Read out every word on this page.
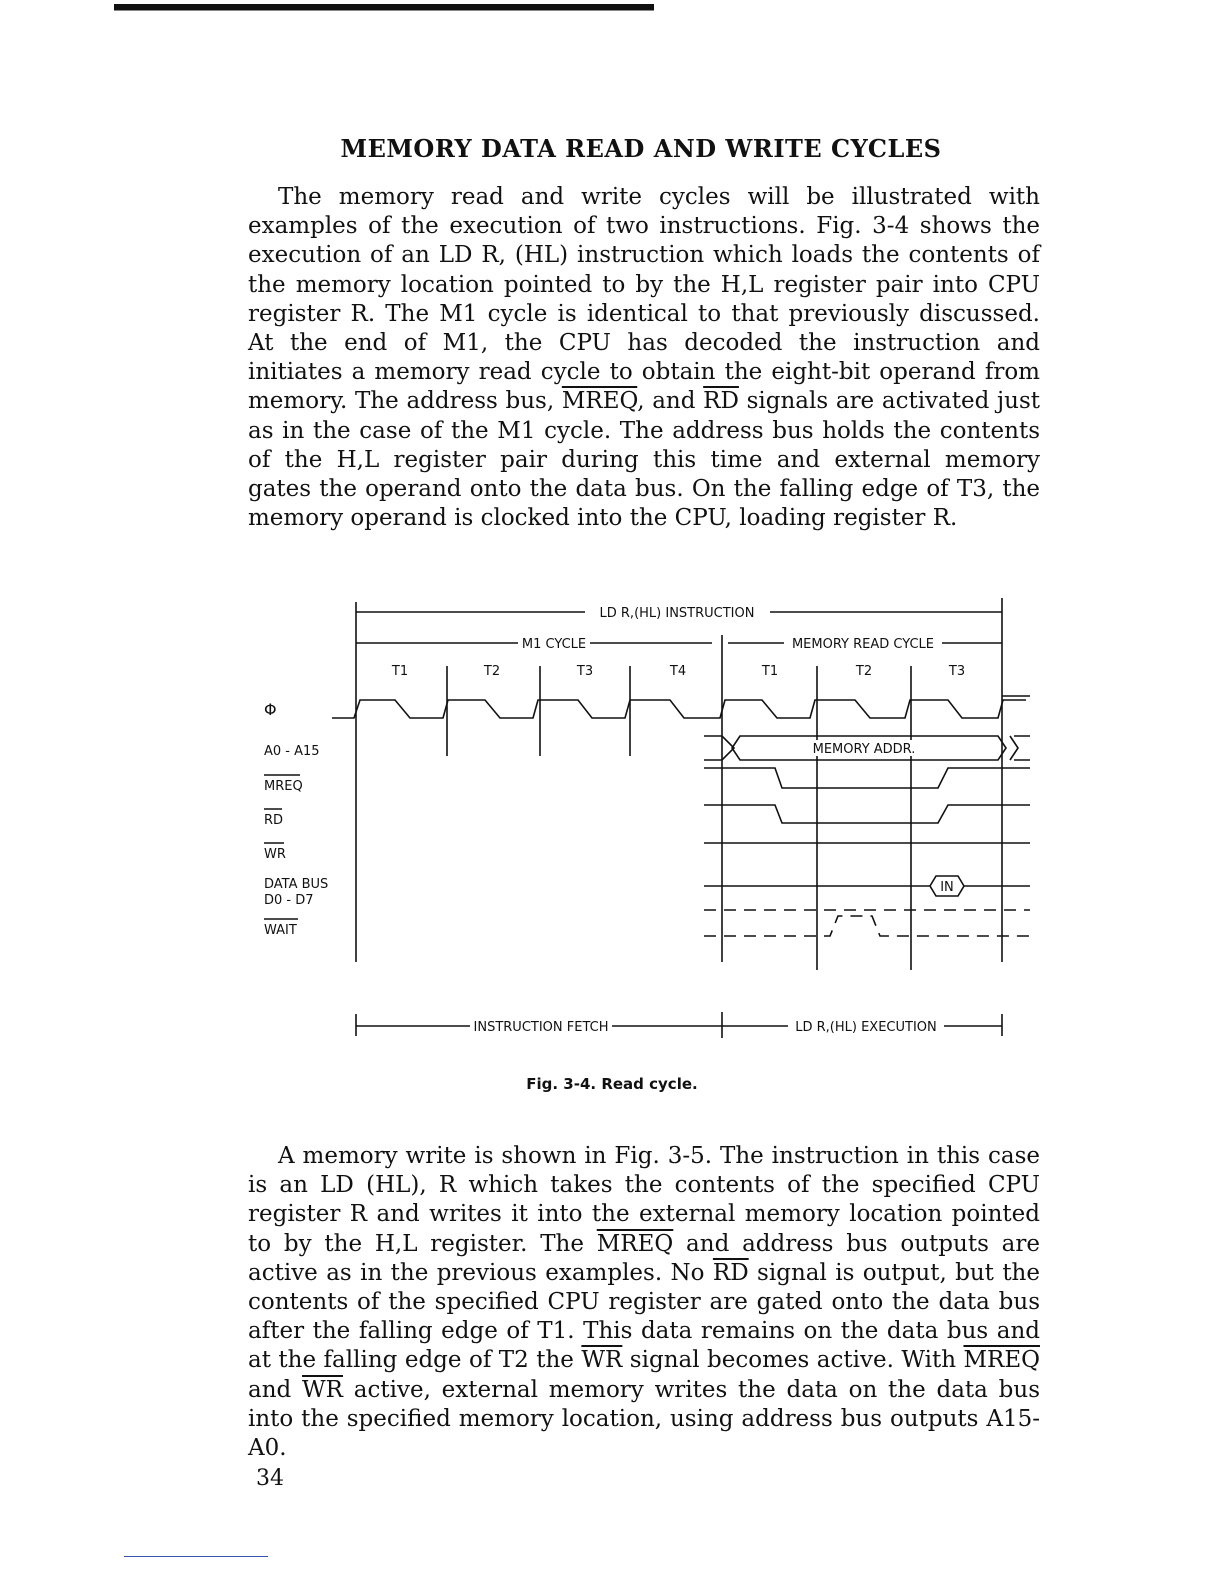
MEMORY DATA READ AND WRITE CYCLES

The memory read and write cycles will be illustrated with examples of the execution of two instructions. Fig. 3-4 shows the execution of an LD R, (HL) instruction which loads the contents of the memory location pointed to by the H,L register pair into CPU register R. The M1 cycle is identical to that previously discussed. At the end of M1, the CPU has decoded the instruction and initiates a memory read cycle to obtain the eight-bit operand from memory. The address bus, MREQ, and $\overline{RD}$ signals are activated just as in the case of the M1 cycle. The address bus holds the contents of the H,L register pair during this time and external memory gates the operand onto the data bus. On the falling edge of T3, the memory operand is clocked into the CPU, loading register R.

MEMORY ADDR.
IN
LD R,(HL) INSTRUCTION
M1 CYCLE	MEMORY READ CYCLE
T1	T2	T3	T4	T1	T2	T3
Φ
A0 - A15
MREQ
RD
WR
DATA BUS
D0 - D7
WAIT
INSTRUCTION FETCH	LD R,(HL) EXECUTION
Fig. 3-4. Read cycle.

A memory write is shown in Fig. 3-5. The instruction in this case is an LD (HL), R which takes the contents of the specified CPU register R and writes it into the external memory location pointed to by the H,L register. The MREQ and address bus outputs are active as in the previous examples. No $\overline{RD}$ signal is output, but the contents of the specified CPU register are gated onto the data bus after the falling edge of T1. This data remains on the data bus and at the falling edge of T2 the $\overline{WR}$ signal becomes active. With MREQ and $\overline{WR}$ active, external memory writes the data on the data bus into the specified memory location, using address bus outputs A15-A0.

34
